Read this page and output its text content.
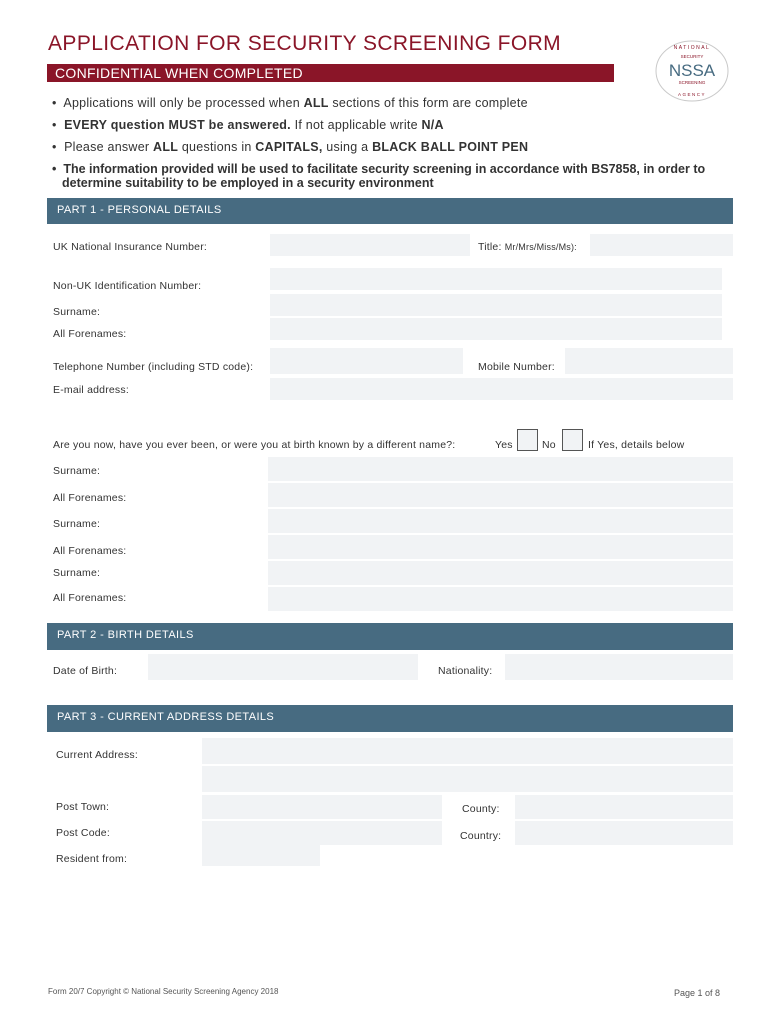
APPLICATION FOR SECURITY SCREENING FORM	NATIONAL
SECURITY
NSSA
SCREENING
AGENCY
CONFIDENTIAL WHEN COMPLETED
•  Applications will only be processed when ALL sections of this form are complete
•  EVERY question MUST be answered. If not applicable write N/A
•  Please answer ALL questions in CAPITALS, using a BLACK BALL POINT PEN
•  The information provided will be used to facilitate security screening in accordance with BS7858, in order to
determine suitability to be employed in a security environment
PART 1 - PERSONAL DETAILS
UK National Insurance Number:	Title: Mr/Mrs/Miss/Ms):
Non-UK Identification Number:
Surname:
All Forenames:
Telephone Number (including STD code):	Mobile Number:
E-mail address:
Are you now, have you ever been, or were you at birth known by a different name?:	Yes	No	If Yes, details below
Surname:
All Forenames:
Surname:
All Forenames:
Surname:
All Forenames:
PART 2 - BIRTH DETAILS
Date of Birth:	Nationality:
PART 3 - CURRENT ADDRESS DETAILS
Current Address:
Post Town:	County:
Post Code:	Country:
Resident from:
Form 20/7 Copyright © National Security Screening Agency 2018	Page 1 of 8
